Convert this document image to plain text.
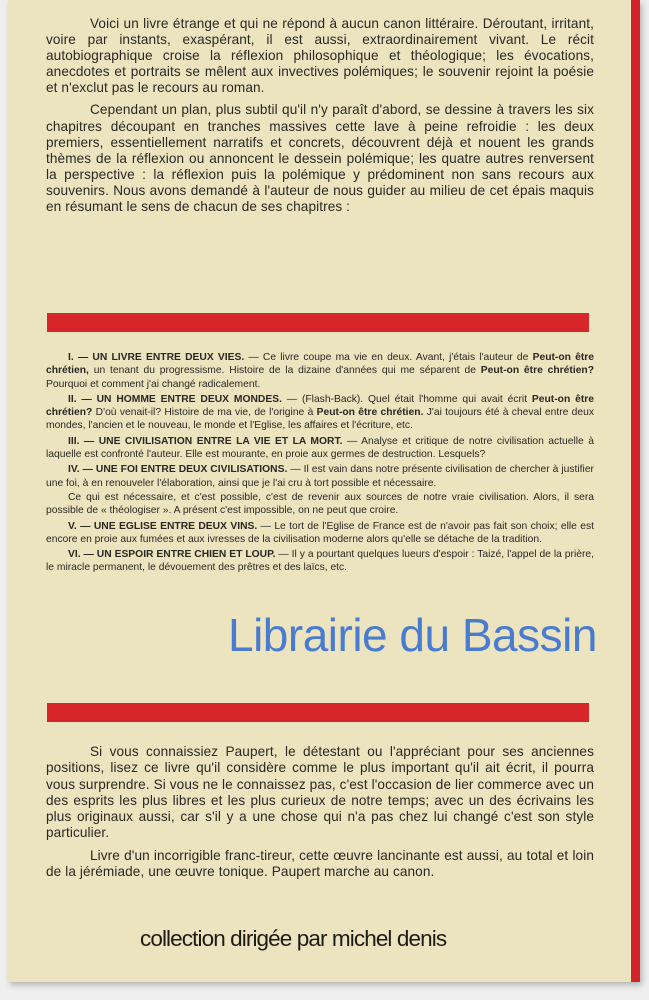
Voici un livre étrange et qui ne répond à aucun canon littéraire. Déroutant, irritant, voire par instants, exaspérant, il est aussi, extraordinairement vivant. Le récit autobiographique croise la réflexion philosophique et théologique; les évocations, anecdotes et portraits se mêlent aux invectives polémiques; le souvenir rejoint la poésie et n'exclut pas le recours au roman.

Cependant un plan, plus subtil qu'il n'y paraît d'abord, se dessine à travers les six chapitres découpant en tranches massives cette lave à peine refroidie : les deux premiers, essentiellement narratifs et concrets, découvrent déjà et nouent les grands thèmes de la réflexion ou annoncent le dessein polémique; les quatre autres renversent la perspective : la réflexion puis la polémique y prédominent non sans recours aux souvenirs. Nous avons demandé à l'auteur de nous guider au milieu de cet épais maquis en résumant le sens de chacun de ses chapitres :

I. — UN LIVRE ENTRE DEUX VIES. — Ce livre coupe ma vie en deux. Avant, j'étais l'auteur de Peut-on être chrétien, un tenant du progressisme. Histoire de la dizaine d'années qui me séparent de Peut-on être chrétien? Pourquoi et comment j'ai changé radicalement.

II. — UN HOMME ENTRE DEUX MONDES. — (Flash-Back). Quel était l'homme qui avait écrit Peut-on être chrétien? D'où venait-il? Histoire de ma vie, de l'origine à Peut-on être chrétien. J'ai toujours été à cheval entre deux mondes, l'ancien et le nouveau, le monde et l'Eglise, les affaires et l'écriture, etc.

III. — UNE CIVILISATION ENTRE LA VIE ET LA MORT. — Analyse et critique de notre civilisation actuelle à laquelle est confronté l'auteur. Elle est mourante, en proie aux germes de destruction. Lesquels?

IV. — UNE FOI ENTRE DEUX CIVILISATIONS. — Il est vain dans notre présente civilisation de chercher à justifier une foi, à en renouveler l'élaboration, ainsi que je l'ai cru à tort possible et nécessaire.

Ce qui est nécessaire, et c'est possible, c'est de revenir aux sources de notre vraie civilisation. Alors, il sera possible de « théologiser ». A présent c'est impossible, on ne peut que croire.

V. — UNE EGLISE ENTRE DEUX VINS. — Le tort de l'Eglise de France est de n'avoir pas fait son choix; elle est encore en proie aux fumées et aux ivresses de la civilisation moderne alors qu'elle se détache de la tradition.

VI. — UN ESPOIR ENTRE CHIEN ET LOUP. — Il y a pourtant quelques lueurs d'espoir : Taizé, l'appel de la prière, le miracle permanent, le dévouement des prêtres et des laïcs, etc.

Si vous connaissiez Paupert, le détestant ou l'appréciant pour ses anciennes positions, lisez ce livre qu'il considère comme le plus important qu'il ait écrit, il pourra vous surprendre. Si vous ne le connaissez pas, c'est l'occasion de lier commerce avec un des esprits les plus libres et les plus curieux de notre temps; avec un des écrivains les plus originaux aussi, car s'il y a une chose qui n'a pas chez lui changé c'est son style particulier.

Livre d'un incorrigible franc-tireur, cette œuvre lancinante est aussi, au total et loin de la jérémiade, une œuvre tonique. Paupert marche au canon.

collection dirigée par michel denis
Librairie du Bassin
